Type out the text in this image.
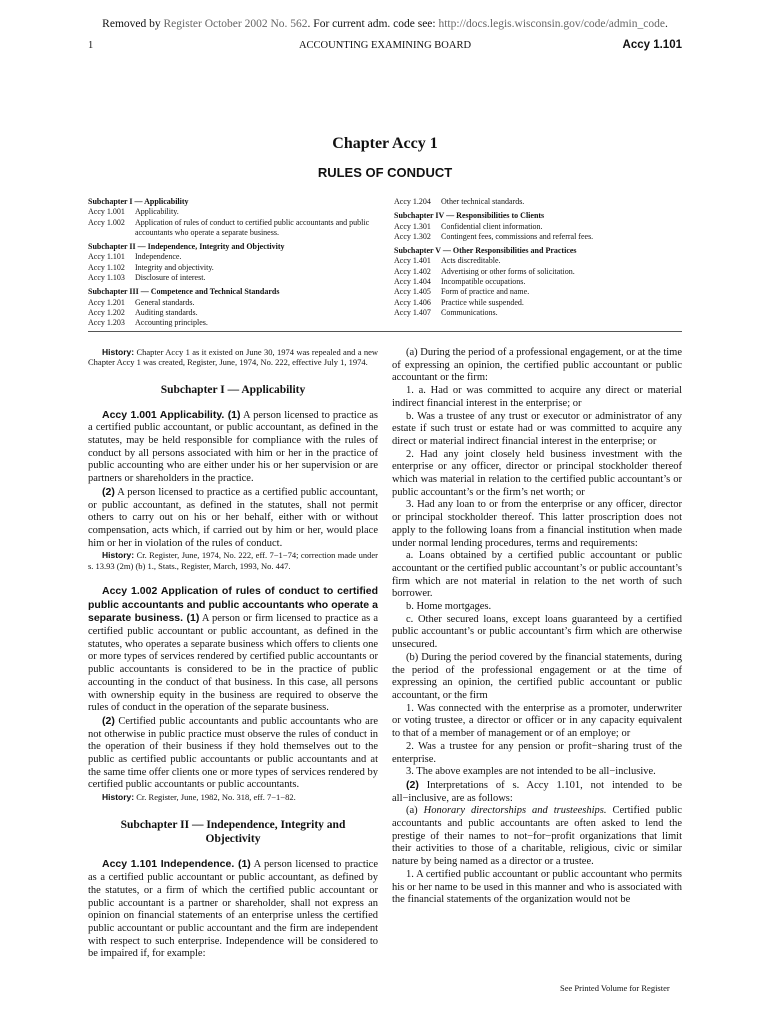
Removed by Register October 2002 No. 562. For current adm. code see: http://docs.legis.wisconsin.gov/code/admin_code.
1	ACCOUNTING EXAMINING BOARD	Accy 1.101
Chapter Accy 1
RULES OF CONDUCT
Subchapter I — Applicability
Accy 1.001	Applicability.
Accy 1.002	Application of rules of conduct to certified public accountants and public accountants who operate a separate business.
Subchapter II — Independence, Integrity and Objectivity
Accy 1.101	Independence.
Accy 1.102	Integrity and objectivity.
Accy 1.103	Disclosure of interest.
Subchapter III — Competence and Technical Standards
Accy 1.201	General standards.
Accy 1.202	Auditing standards.
Accy 1.203	Accounting principles.
Accy 1.204	Other technical standards.
Subchapter IV — Responsibilities to Clients
Accy 1.301	Confidential client information.
Accy 1.302	Contingent fees, commissions and referral fees.
Subchapter V — Other Responsibilities and Practices
Accy 1.401	Acts discreditable.
Accy 1.402	Advertising or other forms of solicitation.
Accy 1.404	Incompatible occupations.
Accy 1.405	Form of practice and name.
Accy 1.406	Practice while suspended.
Accy 1.407	Communications.

History: Chapter Accy 1 as it existed on June 30, 1974 was repealed and a new Chapter Accy 1 was created, Register, June, 1974, No. 222, effective July 1, 1974.

Subchapter I — Applicability

Accy 1.001 Applicability. (1) A person licensed to practice as a certified public accountant, or public accountant, as defined in the statutes, may be held responsible for compliance with the rules of conduct by all persons associated with him or her in the practice of public accounting who are either under his or her supervision or are partners or shareholders in the practice.

(2) A person licensed to practice as a certified public accountant, or public accountant, as defined in the statutes, shall not permit others to carry out on his or her behalf, either with or without compensation, acts which, if carried out by him or her, would place him or her in violation of the rules of conduct.

History: Cr. Register, June, 1974, No. 222, eff. 7−1−74; correction made under s. 13.93 (2m) (b) 1., Stats., Register, March, 1993, No. 447.

Accy 1.002 Application of rules of conduct to certified public accountants and public accountants who operate a separate business. (1) A person or firm licensed to practice as a certified public accountant or public accountant, as defined in the statutes, who operates a separate business which offers to clients one or more types of services rendered by certified public accountants or public accountants is considered to be in the practice of public accounting in the conduct of that business. In this case, all persons with ownership equity in the business are required to observe the rules of conduct in the operation of the separate business.

(2) Certified public accountants and public accountants who are not otherwise in public practice must observe the rules of conduct in the operation of their business if they hold themselves out to the public as certified public accountants or public accountants and at the same time offer clients one or more types of services rendered by certified public accountants or public accountants.

History: Cr. Register, June, 1982, No. 318, eff. 7−1−82.

Subchapter II — Independence, Integrity and Objectivity

Accy 1.101 Independence. (1) A person licensed to practice as a certified public accountant or public accountant, as defined by the statutes, or a firm of which the certified public accountant or public accountant is a partner or shareholder, shall not express an opinion on financial statements of an enterprise unless the certified public accountant or public accountant and the firm are independent with respect to such enterprise. Independence will be considered to be impaired if, for example:

(a) During the period of a professional engagement, or at the time of expressing an opinion, the certified public accountant or public accountant or the firm:

1. a. Had or was committed to acquire any direct or material indirect financial interest in the enterprise; or

b. Was a trustee of any trust or executor or administrator of any estate if such trust or estate had or was committed to acquire any direct or material indirect financial interest in the enterprise; or

2. Had any joint closely held business investment with the enterprise or any officer, director or principal stockholder thereof which was material in relation to the certified public accountant’s or public accountant’s or the firm’s net worth; or

3. Had any loan to or from the enterprise or any officer, director or principal stockholder thereof. This latter proscription does not apply to the following loans from a financial institution when made under normal lending procedures, terms and requirements:

a. Loans obtained by a certified public accountant or public accountant or the certified public accountant’s or public accountant’s firm which are not material in relation to the net worth of such borrower.

b. Home mortgages.

c. Other secured loans, except loans guaranteed by a certified public accountant’s or public accountant’s firm which are otherwise unsecured.

(b) During the period covered by the financial statements, during the period of the professional engagement or at the time of expressing an opinion, the certified public accountant or public accountant, or the firm

1. Was connected with the enterprise as a promoter, underwriter or voting trustee, a director or officer or in any capacity equivalent to that of a member of management or of an employe; or

2. Was a trustee for any pension or profit−sharing trust of the enterprise.

3. The above examples are not intended to be all−inclusive.

(2) Interpretations of s. Accy 1.101, not intended to be all−inclusive, are as follows:

(a) Honorary directorships and trusteeships. Certified public accountants and public accountants are often asked to lend the prestige of their names to not−for−profit organizations that limit their activities to those of a charitable, religious, civic or similar nature by being named as a director or a trustee.

1. A certified public accountant or public accountant who permits his or her name to be used in this manner and who is associated with the financial statements of the organization would not be

See Printed Volume for Register
